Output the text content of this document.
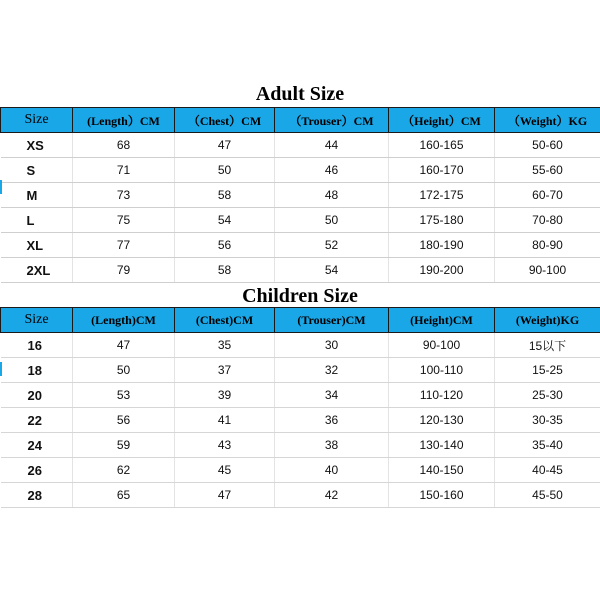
Adult Size
Size	(Length）CM	（Chest）CM	（Trouser）CM	（Height）CM	（Weight）KG
XS	68	47	44	160-165	50-60
S	71	50	46	160-170	55-60
M	73	58	48	172-175	60-70
L	75	54	50	175-180	70-80
XL	77	56	52	180-190	80-90
2XL	79	58	54	190-200	90-100
Children Size
Size	(Length)CM	(Chest)CM	(Trouser)CM	(Height)CM	(Weight)KG
16	47	35	30	90-100	15以下
18	50	37	32	100-110	15-25
20	53	39	34	110-120	25-30
22	56	41	36	120-130	30-35
24	59	43	38	130-140	35-40
26	62	45	40	140-150	40-45
28	65	47	42	150-160	45-50
